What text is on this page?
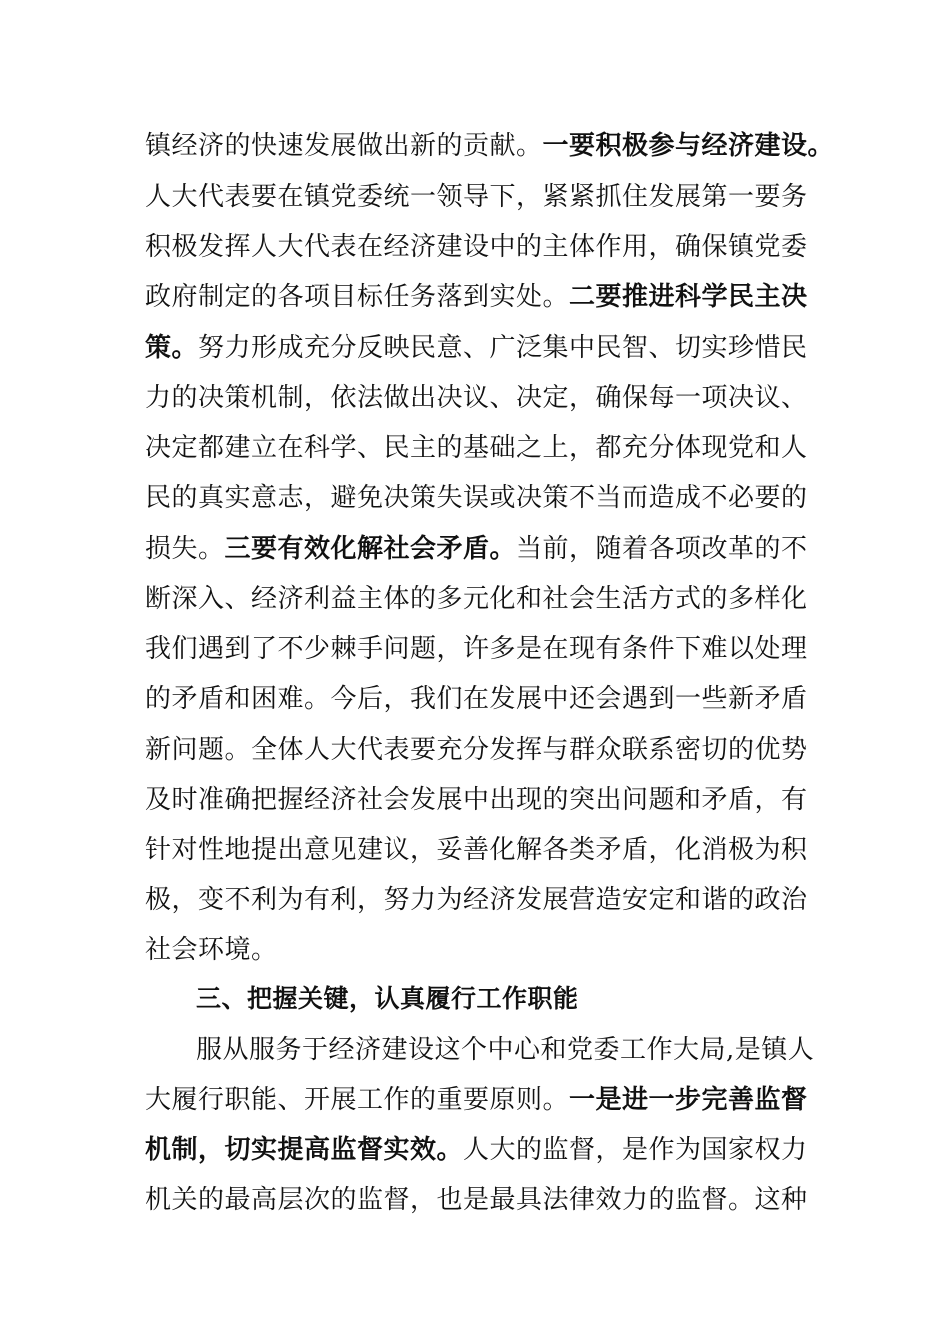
镇经济的快速发展做出新的贡献。一要积极参与经济建设。
人大代表要在镇党委统一领导下，紧紧抓住发展第一要务
积极发挥人大代表在经济建设中的主体作用，确保镇党委
政府制定的各项目标任务落到实处。二要推进科学民主决
策。努力形成充分反映民意、广泛集中民智、切实珍惜民
力的决策机制，依法做出决议、决定，确保每一项决议、
决定都建立在科学、民主的基础之上，都充分体现党和人
民的真实意志，避免决策失误或决策不当而造成不必要的
损失。三要有效化解社会矛盾。当前，随着各项改革的不
断深入、经济利益主体的多元化和社会生活方式的多样化
我们遇到了不少棘手问题，许多是在现有条件下难以处理
的矛盾和困难。今后，我们在发展中还会遇到一些新矛盾
新问题。全体人大代表要充分发挥与群众联系密切的优势
及时准确把握经济社会发展中出现的突出问题和矛盾，有
针对性地提出意见建议，妥善化解各类矛盾，化消极为积
极，变不利为有利，努力为经济发展营造安定和谐的政治
社会环境。
三、把握关键，认真履行工作职能
服从服务于经济建设这个中心和党委工作大局,是镇人
大履行职能、开展工作的重要原则。一是进一步完善监督
机制，切实提高监督实效。人大的监督，是作为国家权力
机关的最高层次的监督，也是最具法律效力的监督。这种
